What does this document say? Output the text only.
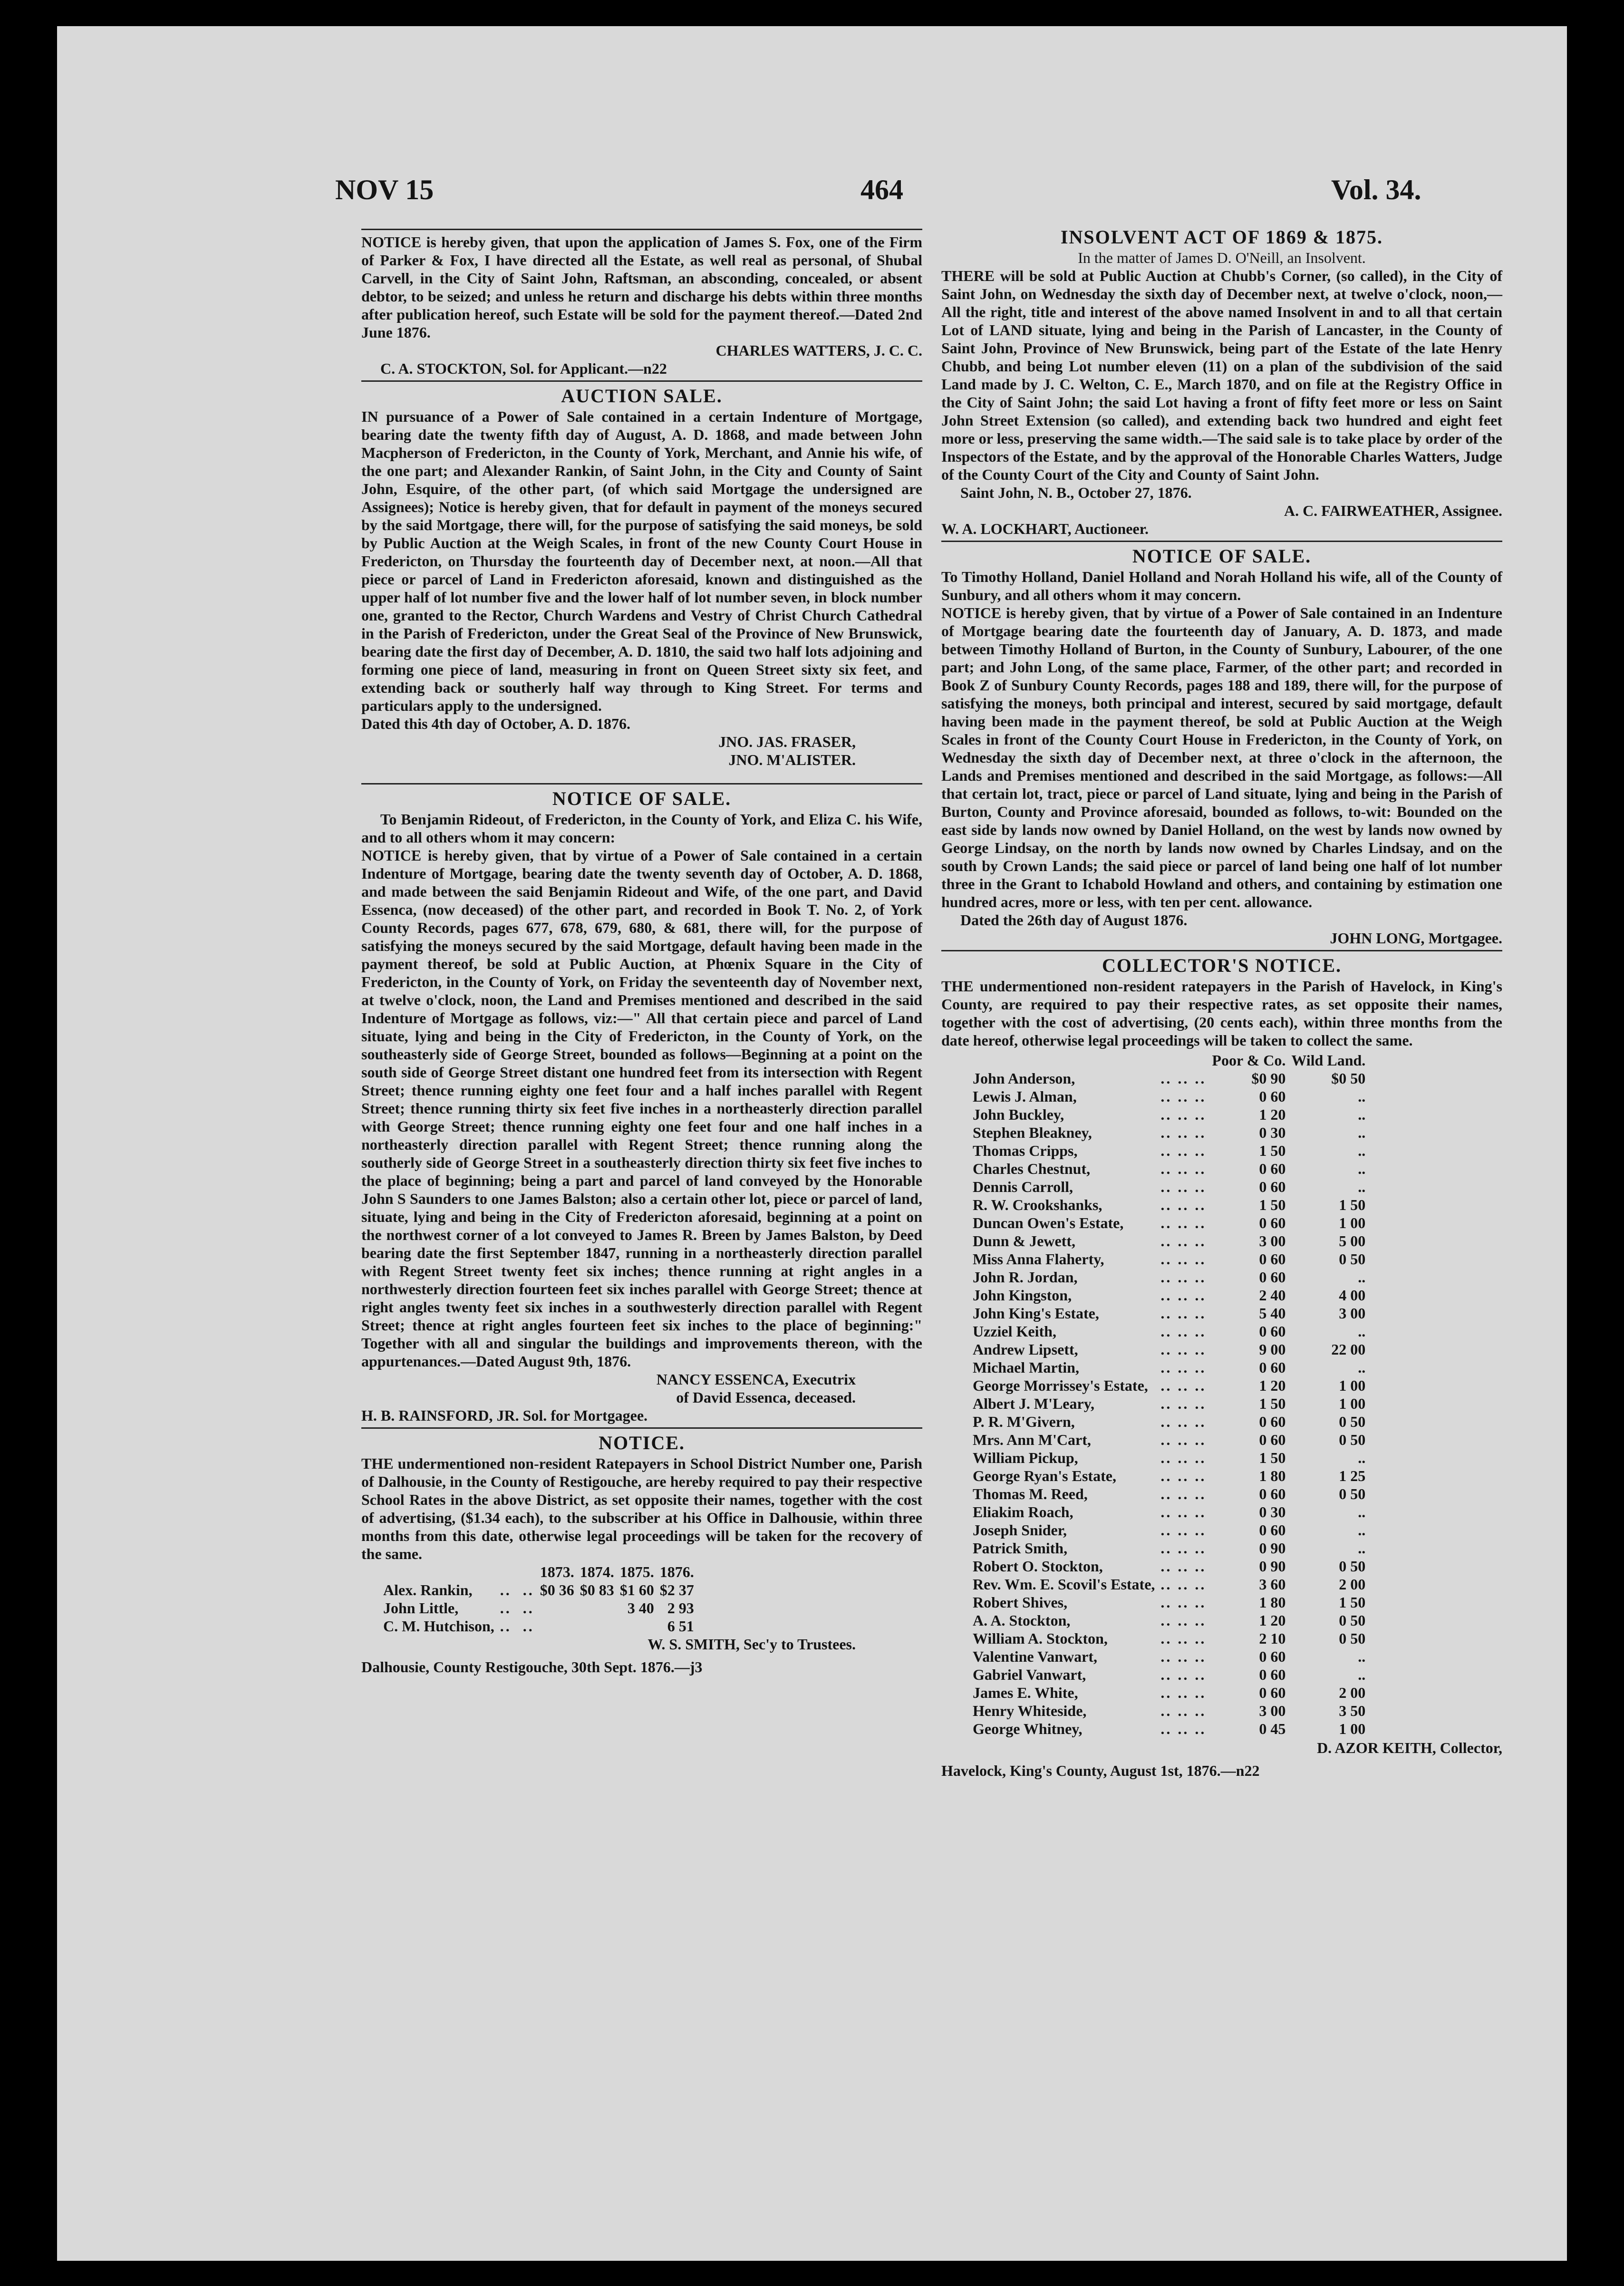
NOV 15	464	Vol. 34.

NOTICE is hereby given, that upon the application of James S. Fox, one of the Firm of Parker & Fox, I have directed all the Estate, as well real as personal, of Shubal Carvell, in the City of Saint John, Raftsman, an absconding, concealed, or absent debtor, to be seized; and unless he return and discharge his debts within three months after publication hereof, such Estate will be sold for the payment thereof.—Dated 2nd June 1876.

CHARLES WATTERS, J. C. C.
C. A. STOCKTON, Sol. for Applicant.—n22
AUCTION SALE.

IN pursuance of a Power of Sale contained in a certain Indenture of Mortgage, bearing date the twenty fifth day of August, A. D. 1868, and made between John Macpherson of Fredericton, in the County of York, Merchant, and Annie his wife, of the one part; and Alexander Rankin, of Saint John, in the City and County of Saint John, Esquire, of the other part, (of which said Mortgage the undersigned are Assignees); Notice is hereby given, that for default in payment of the moneys secured by the said Mortgage, there will, for the purpose of satisfying the said moneys, be sold by Public Auction at the Weigh Scales, in front of the new County Court House in Fredericton, on Thursday the fourteenth day of December next, at noon.—All that piece or parcel of Land in Fredericton aforesaid, known and distinguished as the upper half of lot number five and the lower half of lot number seven, in block number one, granted to the Rector, Church Wardens and Vestry of Christ Church Cathedral in the Parish of Fredericton, under the Great Seal of the Province of New Brunswick, bearing date the first day of December, A. D. 1810, the said two half lots adjoining and forming one piece of land, measuring in front on Queen Street sixty six feet, and extending back or southerly half way through to King Street. For terms and particulars apply to the undersigned.

Dated this 4th day of October, A. D. 1876.
JNO. JAS. FRASER,
JNO. M'ALISTER.
NOTICE OF SALE.

To Benjamin Rideout, of Fredericton, in the County of York, and Eliza C. his Wife, and to all others whom it may concern:

NOTICE is hereby given, that by virtue of a Power of Sale contained in a certain Indenture of Mortgage, bearing date the twenty seventh day of October, A. D. 1868, and made between the said Benjamin Rideout and Wife, of the one part, and David Essenca, (now deceased) of the other part, and recorded in Book T. No. 2, of York County Records, pages 677, 678, 679, 680, & 681, there will, for the purpose of satisfying the moneys secured by the said Mortgage, default having been made in the payment thereof, be sold at Public Auction, at Phœnix Square in the City of Fredericton, in the County of York, on Friday the seventeenth day of November next, at twelve o'clock, noon, the Land and Premises mentioned and described in the said Indenture of Mortgage as follows, viz:—" All that certain piece and parcel of Land situate, lying and being in the City of Fredericton, in the County of York, on the southeasterly side of George Street, bounded as follows—Beginning at a point on the south side of George Street distant one hundred feet from its intersection with Regent Street; thence running eighty one feet four and a half inches parallel with Regent Street; thence running thirty six feet five inches in a northeasterly direction parallel with George Street; thence running eighty one feet four and one half inches in a northeasterly direction parallel with Regent Street; thence running along the southerly side of George Street in a southeasterly direction thirty six feet five inches to the place of beginning; being a part and parcel of land conveyed by the Honorable John S Saunders to one James Balston; also a certain other lot, piece or parcel of land, situate, lying and being in the City of Fredericton aforesaid, beginning at a point on the northwest corner of a lot conveyed to James R. Breen by James Balston, by Deed bearing date the first September 1847, running in a northeasterly direction parallel with Regent Street twenty feet six inches; thence running at right angles in a northwesterly direction fourteen feet six inches parallel with George Street; thence at right angles twenty feet six inches in a southwesterly direction parallel with Regent Street; thence at right angles fourteen feet six inches to the place of beginning:" Together with all and singular the buildings and improvements thereon, with the appurtenances.—Dated August 9th, 1876.

NANCY ESSENCA, Executrix
of David Essenca, deceased.
H. B. RAINSFORD, JR. Sol. for Mortgagee.
NOTICE.

THE undermentioned non-resident Ratepayers in School District Number one, Parish of Dalhousie, in the County of Restigouche, are hereby required to pay their respective School Rates in the above District, as set opposite their names, together with the cost of advertising, ($1.34 each), to the subscriber at his Office in Dalhousie, within three months from this date, otherwise legal proceedings will be taken for the recovery of the same.

		1873.	1874.	1875.	1876.
Alex. Rankin,	..  ..	$0 36	$0 83	$1 60	$2 37
John Little,	..  ..			3 40	2 93
C. M. Hutchison,	..  ..				6 51
W. S. SMITH, Sec'y to Trustees.
Dalhousie, County Restigouche, 30th Sept. 1876.—j3
INSOLVENT ACT OF 1869 & 1875.
In the matter of James D. O'Neill, an Insolvent.

THERE will be sold at Public Auction at Chubb's Corner, (so called), in the City of Saint John, on Wednesday the sixth day of December next, at twelve o'clock, noon,—All the right, title and interest of the above named Insolvent in and to all that certain Lot of LAND situate, lying and being in the Parish of Lancaster, in the County of Saint John, Province of New Brunswick, being part of the Estate of the late Henry Chubb, and being Lot number eleven (11) on a plan of the subdivision of the said Land made by J. C. Welton, C. E., March 1870, and on file at the Registry Office in the City of Saint John; the said Lot having a front of fifty feet more or less on Saint John Street Extension (so called), and extending back two hundred and eight feet more or less, preserving the same width.—The said sale is to take place by order of the Inspectors of the Estate, and by the approval of the Honorable Charles Watters, Judge of the County Court of the City and County of Saint John.

Saint John, N. B., October 27, 1876.
A. C. FAIRWEATHER, Assignee.
W. A. LOCKHART, Auctioneer.
NOTICE OF SALE.

To Timothy Holland, Daniel Holland and Norah Holland his wife, all of the County of Sunbury, and all others whom it may concern.

NOTICE is hereby given, that by virtue of a Power of Sale contained in an Indenture of Mortgage bearing date the fourteenth day of January, A. D. 1873, and made between Timothy Holland of Burton, in the County of Sunbury, Labourer, of the one part; and John Long, of the same place, Farmer, of the other part; and recorded in Book Z of Sunbury County Records, pages 188 and 189, there will, for the purpose of satisfying the moneys, both principal and interest, secured by said mortgage, default having been made in the payment thereof, be sold at Public Auction at the Weigh Scales in front of the County Court House in Fredericton, in the County of York, on Wednesday the sixth day of December next, at three o'clock in the afternoon, the Lands and Premises mentioned and described in the said Mortgage, as follows:—All that certain lot, tract, piece or parcel of Land situate, lying and being in the Parish of Burton, County and Province aforesaid, bounded as follows, to-wit: Bounded on the east side by lands now owned by Daniel Holland, on the west by lands now owned by George Lindsay, on the north by lands now owned by Charles Lindsay, and on the south by Crown Lands; the said piece or parcel of land being one half of lot number three in the Grant to Ichabold Howland and others, and containing by estimation one hundred acres, more or less, with ten per cent. allowance.

Dated the 26th day of August 1876.
JOHN LONG, Mortgagee.
COLLECTOR'S NOTICE.

THE undermentioned non-resident ratepayers in the Parish of Havelock, in King's County, are required to pay their respective rates, as set opposite their names, together with the cost of advertising, (20 cents each), within three months from the date hereof, otherwise legal proceedings will be taken to collect the same.

		Poor & Co.	Wild Land.
John Anderson,	.. .. ..	$0 90	$0 50
Lewis J. Alman,	.. .. ..	0 60	..
John Buckley,	.. .. ..	1 20	..
Stephen Bleakney,	.. .. ..	0 30	..
Thomas Cripps,	.. .. ..	1 50	..
Charles Chestnut,	.. .. ..	0 60	..
Dennis Carroll,	.. .. ..	0 60	..
R. W. Crookshanks,	.. .. ..	1 50	1 50
Duncan Owen's Estate,	.. .. ..	0 60	1 00
Dunn & Jewett,	.. .. ..	3 00	5 00
Miss Anna Flaherty,	.. .. ..	0 60	0 50
John R. Jordan,	.. .. ..	0 60	..
John Kingston,	.. .. ..	2 40	4 00
John King's Estate,	.. .. ..	5 40	3 00
Uzziel Keith,	.. .. ..	0 60	..
Andrew Lipsett,	.. .. ..	9 00	22 00
Michael Martin,	.. .. ..	0 60	..
George Morrissey's Estate,	.. .. ..	1 20	1 00
Albert J. M'Leary,	.. .. ..	1 50	1 00
P. R. M'Givern,	.. .. ..	0 60	0 50
Mrs. Ann M'Cart,	.. .. ..	0 60	0 50
William Pickup,	.. .. ..	1 50	..
George Ryan's Estate,	.. .. ..	1 80	1 25
Thomas M. Reed,	.. .. ..	0 60	0 50
Eliakim Roach,	.. .. ..	0 30	..
Joseph Snider,	.. .. ..	0 60	..
Patrick Smith,	.. .. ..	0 90	..
Robert O. Stockton,	.. .. ..	0 90	0 50
Rev. Wm. E. Scovil's Estate,	.. .. ..	3 60	2 00
Robert Shives,	.. .. ..	1 80	1 50
A. A. Stockton,	.. .. ..	1 20	0 50
William A. Stockton,	.. .. ..	2 10	0 50
Valentine Vanwart,	.. .. ..	0 60	..
Gabriel Vanwart,	.. .. ..	0 60	..
James E. White,	.. .. ..	0 60	2 00
Henry Whiteside,	.. .. ..	3 00	3 50
George Whitney,	.. .. ..	0 45	1 00
D. AZOR KEITH, Collector,
Havelock, King's County, August 1st, 1876.—n22
